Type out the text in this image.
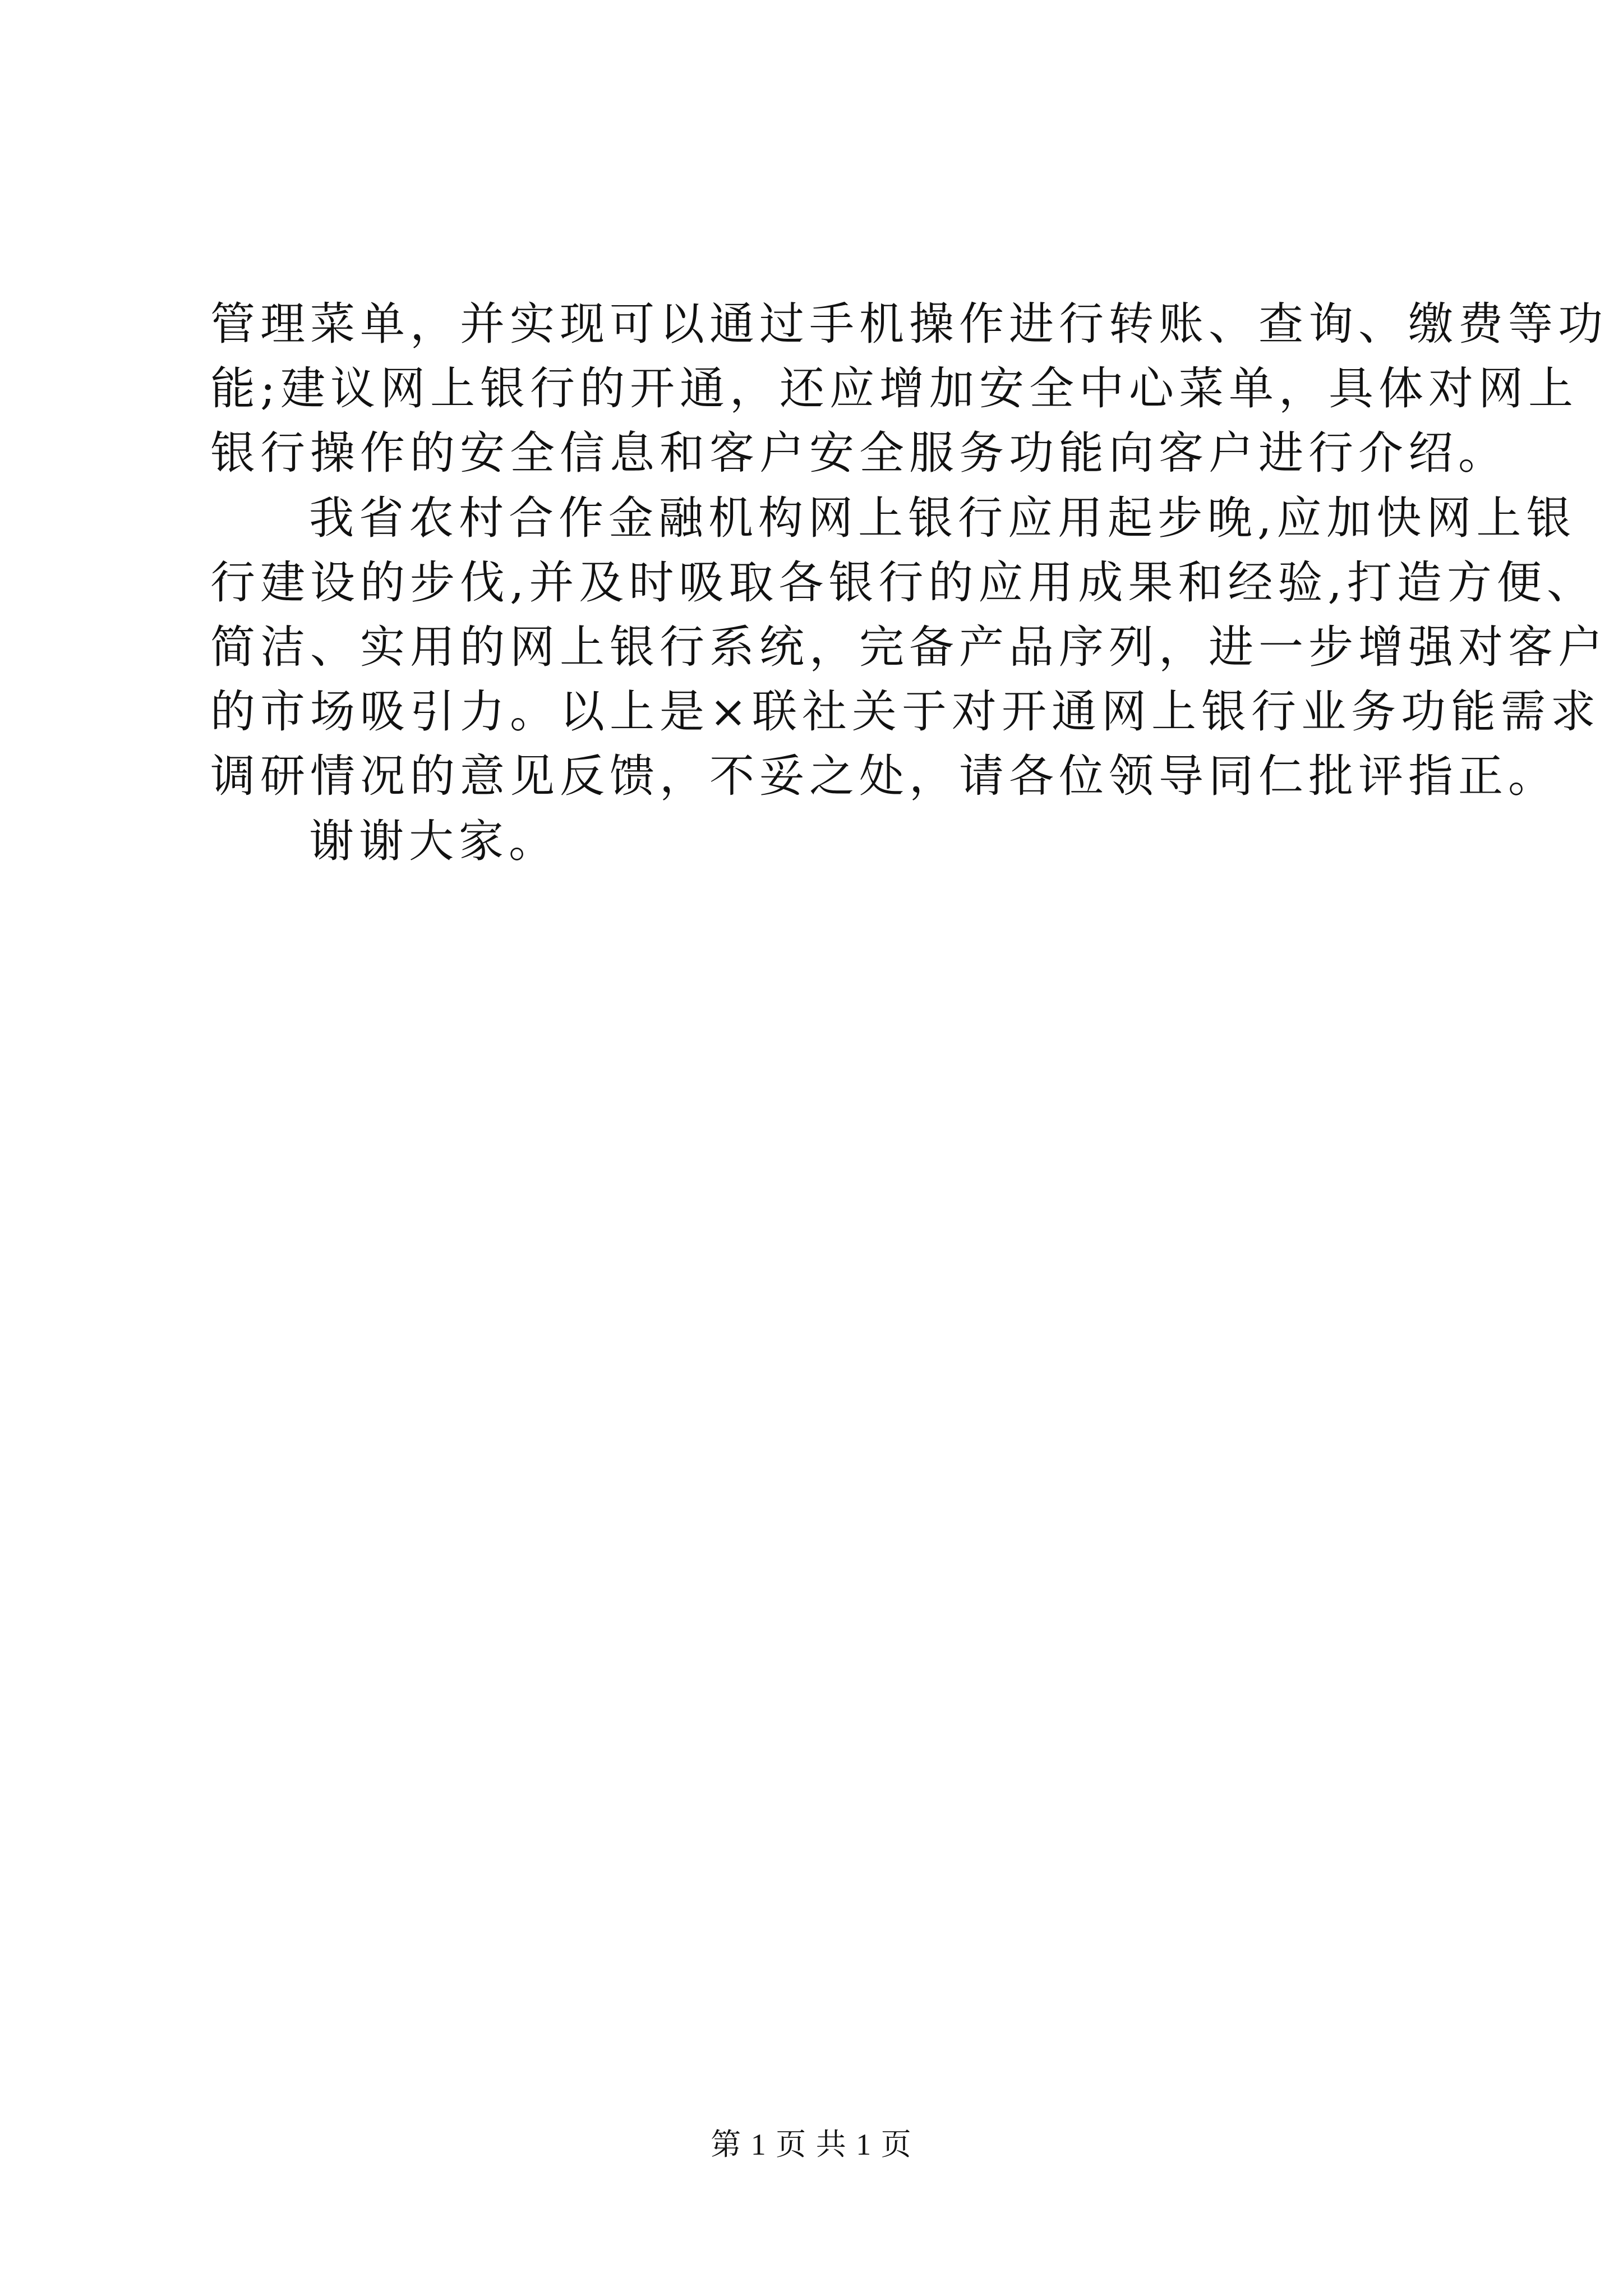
管理菜单，并实现可以通过手机操作进行转账、查询、缴费等功
能;建议网上银行的开通，还应增加安全中心菜单，具体对网上
银行操作的安全信息和客户安全服务功能向客户进行介绍。

我省农村合作金融机构网上银行应用起步晚,应加快网上银
行建设的步伐,并及时吸取各银行的应用成果和经验,打造方便、
简洁、实用的网上银行系统，完备产品序列，进一步增强对客户
的市场吸引力。以上是×联社关于对开通网上银行业务功能需求
调研情况的意见反馈，不妥之处，请各位领导同仁批评指正。

谢谢大家。

第 1 页 共 1 页
